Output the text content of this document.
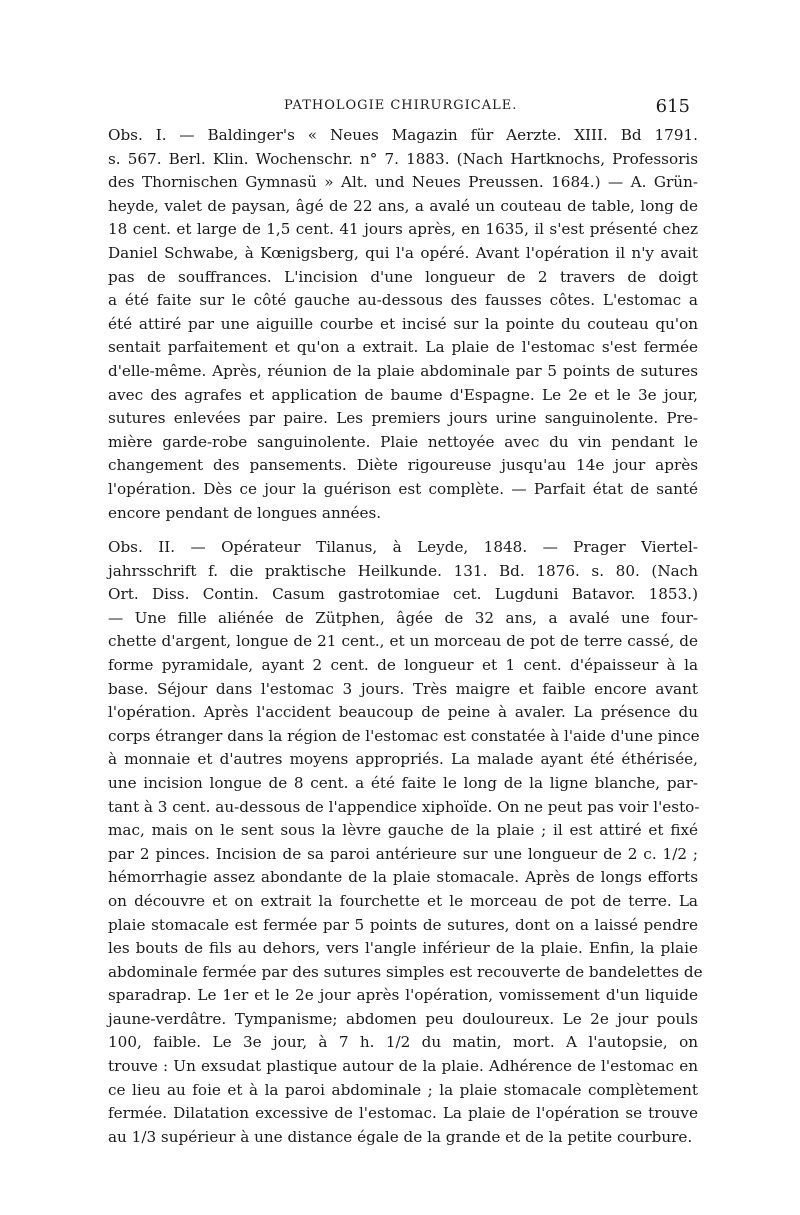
PATHOLOGIE CHIRURGICALE.	615
Obs. I. — Baldinger's « Neues Magazin für Aerzte. XIII. Bd 1791.
s. 567. Berl. Klin. Wochenschr. n° 7. 1883. (Nach Hartknochs, Professoris
des Thornischen Gymnasü » Alt. und Neues Preussen. 1684.) — A. Grün-
heyde, valet de paysan, âgé de 22 ans, a avalé un couteau de table, long de
18 cent. et large de 1,5 cent. 41 jours après, en 1635, il s'est présenté chez
Daniel Schwabe, à Kœnigsberg, qui l'a opéré. Avant l'opération il n'y avait
pas de souffrances. L'incision d'une longueur de 2 travers de doigt
a été faite sur le côté gauche au-dessous des fausses côtes. L'estomac a
été attiré par une aiguille courbe et incisé sur la pointe du couteau qu'on
sentait parfaitement et qu'on a extrait. La plaie de l'estomac s'est fermée
d'elle-même. Après, réunion de la plaie abdominale par 5 points de sutures
avec des agrafes et application de baume d'Espagne. Le 2e et le 3e jour,
sutures enlevées par paire. Les premiers jours urine sanguinolente. Pre-
mière garde-robe sanguinolente. Plaie nettoyée avec du vin pendant le
changement des pansements. Diète rigoureuse jusqu'au 14e jour après
l'opération. Dès ce jour la guérison est complète. — Parfait état de santé
encore pendant de longues années.
Obs. II. — Opérateur Tilanus, à Leyde, 1848. — Prager Viertel-
jahrsschrift f. die praktische Heilkunde. 131. Bd. 1876. s. 80. (Nach
Ort. Diss. Contin. Casum gastrotomiae cet. Lugduni Batavor. 1853.)
— Une fille aliénée de Zütphen, âgée de 32 ans, a avalé une four-
chette d'argent, longue de 21 cent., et un morceau de pot de terre cassé, de
forme pyramidale, ayant 2 cent. de longueur et 1 cent. d'épaisseur à la
base. Séjour dans l'estomac 3 jours. Très maigre et faible encore avant
l'opération. Après l'accident beaucoup de peine à avaler. La présence du
corps étranger dans la région de l'estomac est constatée à l'aide d'une pince
à monnaie et d'autres moyens appropriés. La malade ayant été éthérisée,
une incision longue de 8 cent. a été faite le long de la ligne blanche, par-
tant à 3 cent. au-dessous de l'appendice xiphoïde. On ne peut pas voir l'esto-
mac, mais on le sent sous la lèvre gauche de la plaie ; il est attiré et fixé
par 2 pinces. Incision de sa paroi antérieure sur une longueur de 2 c. 1/2 ;
hémorrhagie assez abondante de la plaie stomacale. Après de longs efforts
on découvre et on extrait la fourchette et le morceau de pot de terre. La
plaie stomacale est fermée par 5 points de sutures, dont on a laissé pendre
les bouts de fils au dehors, vers l'angle inférieur de la plaie. Enfin, la plaie
abdominale fermée par des sutures simples est recouverte de bandelettes de
sparadrap. Le 1er et le 2e jour après l'opération, vomissement d'un liquide
jaune-verdâtre. Tympanisme; abdomen peu douloureux. Le 2e jour pouls
100, faible. Le 3e jour, à 7 h. 1/2 du matin, mort. A l'autopsie, on
trouve : Un exsudat plastique autour de la plaie. Adhérence de l'estomac en
ce lieu au foie et à la paroi abdominale ; la plaie stomacale complètement
fermée. Dilatation excessive de l'estomac. La plaie de l'opération se trouve
au 1/3 supérieur à une distance égale de la grande et de la petite courbure.
